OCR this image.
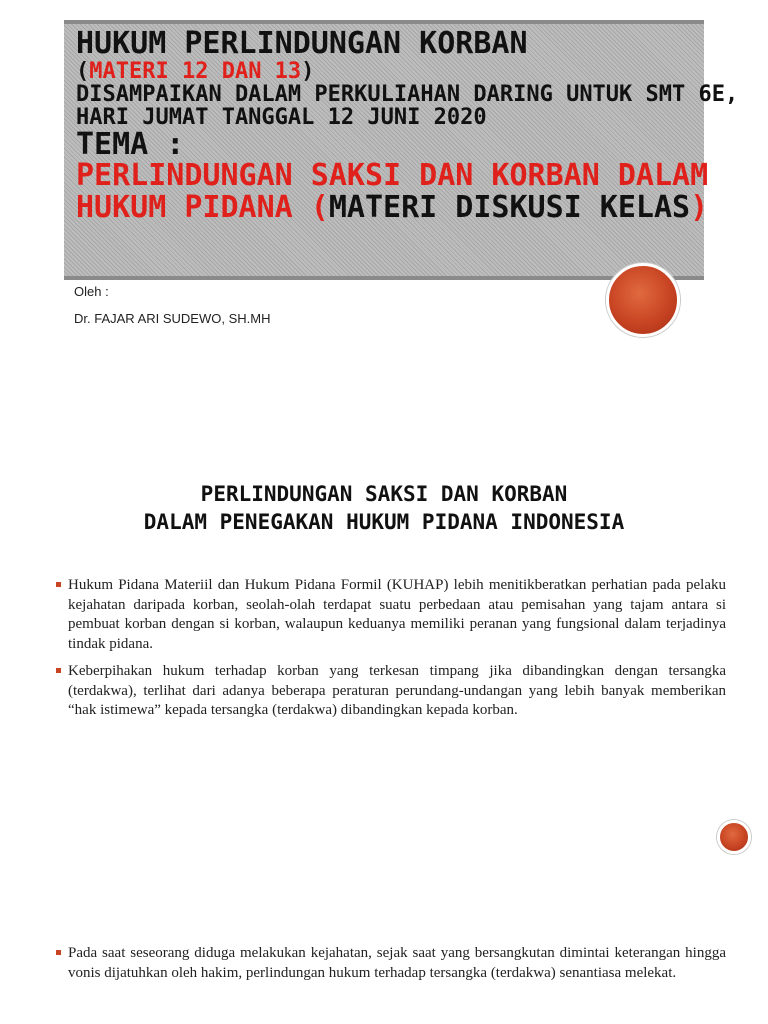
HUKUM PERLINDUNGAN KORBAN
(MATERI 12 DAN 13)
DISAMPAIKAN DALAM PERKULIAHAN DARING UNTUK SMT 6E,
HARI JUMAT TANGGAL 12 JUNI 2020
TEMA :
PERLINDUNGAN SAKSI DAN KORBAN DALAM
HUKUM PIDANA (MATERI DISKUSI KELAS)
Oleh :
Dr. FAJAR ARI SUDEWO, SH.MH
PERLINDUNGAN SAKSI DAN KORBAN
DALAM PENEGAKAN HUKUM PIDANA INDONESIA
Hukum Pidana Materiil dan Hukum Pidana Formil (KUHAP) lebih menitikberatkan perhatian pada pelaku kejahatan daripada korban, seolah-olah terdapat suatu perbedaan atau pemisahan yang tajam antara si pembuat korban dengan si korban, walaupun keduanya memiliki peranan yang fungsional dalam terjadinya tindak pidana.
Keberpihakan hukum terhadap korban yang terkesan timpang jika dibandingkan dengan tersangka (terdakwa), terlihat dari adanya beberapa peraturan perundang-undangan yang lebih banyak memberikan “hak istimewa” kepada tersangka (terdakwa) dibandingkan kepada korban.
Pada saat seseorang diduga melakukan kejahatan, sejak saat yang bersangkutan dimintai keterangan hingga vonis dijatuhkan oleh hakim, perlindungan hukum terhadap tersangka (terdakwa) senantiasa melekat.
